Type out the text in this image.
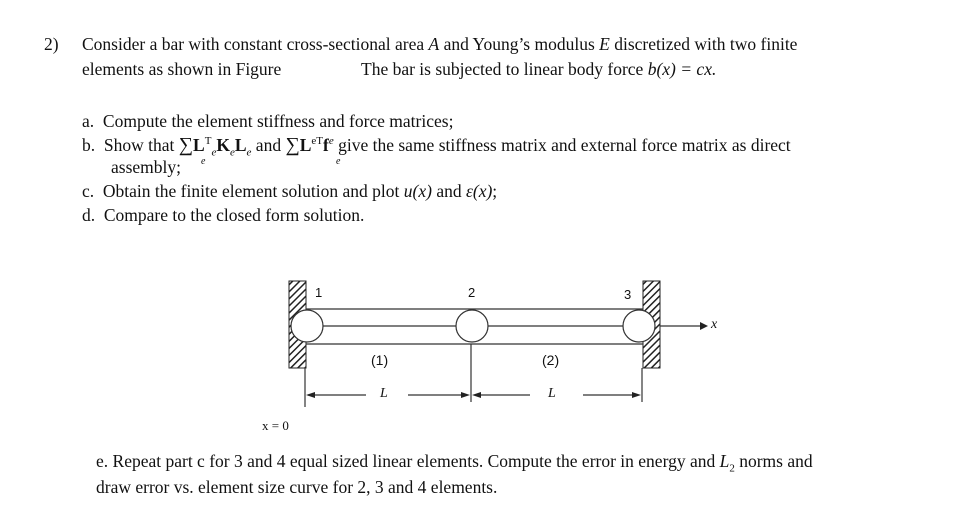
2) Consider a bar with constant cross-sectional area A and Young’s modulus E discretized with two finite
elements as shown in Figure	The bar is subjected to linear body force b(x) = cx.
a. Compute the element stiffness and force matrices;
b. Show that $\sum L^T_eK_eL_e$ and $\sum L^{eT}f^e$ give the same stiffness matrix and external force matrix as direct
e	e
assembly;
c. Obtain the finite element solution and plot u(x) and ε(x);
d. Compare to the closed form solution.
1	2	3
(1)	(2)
L	L
x
x = 0
e. Repeat part c for 3 and 4 equal sized linear elements. Compute the error in energy and $L_2$ norms and
draw error vs. element size curve for 2, 3 and 4 elements.
